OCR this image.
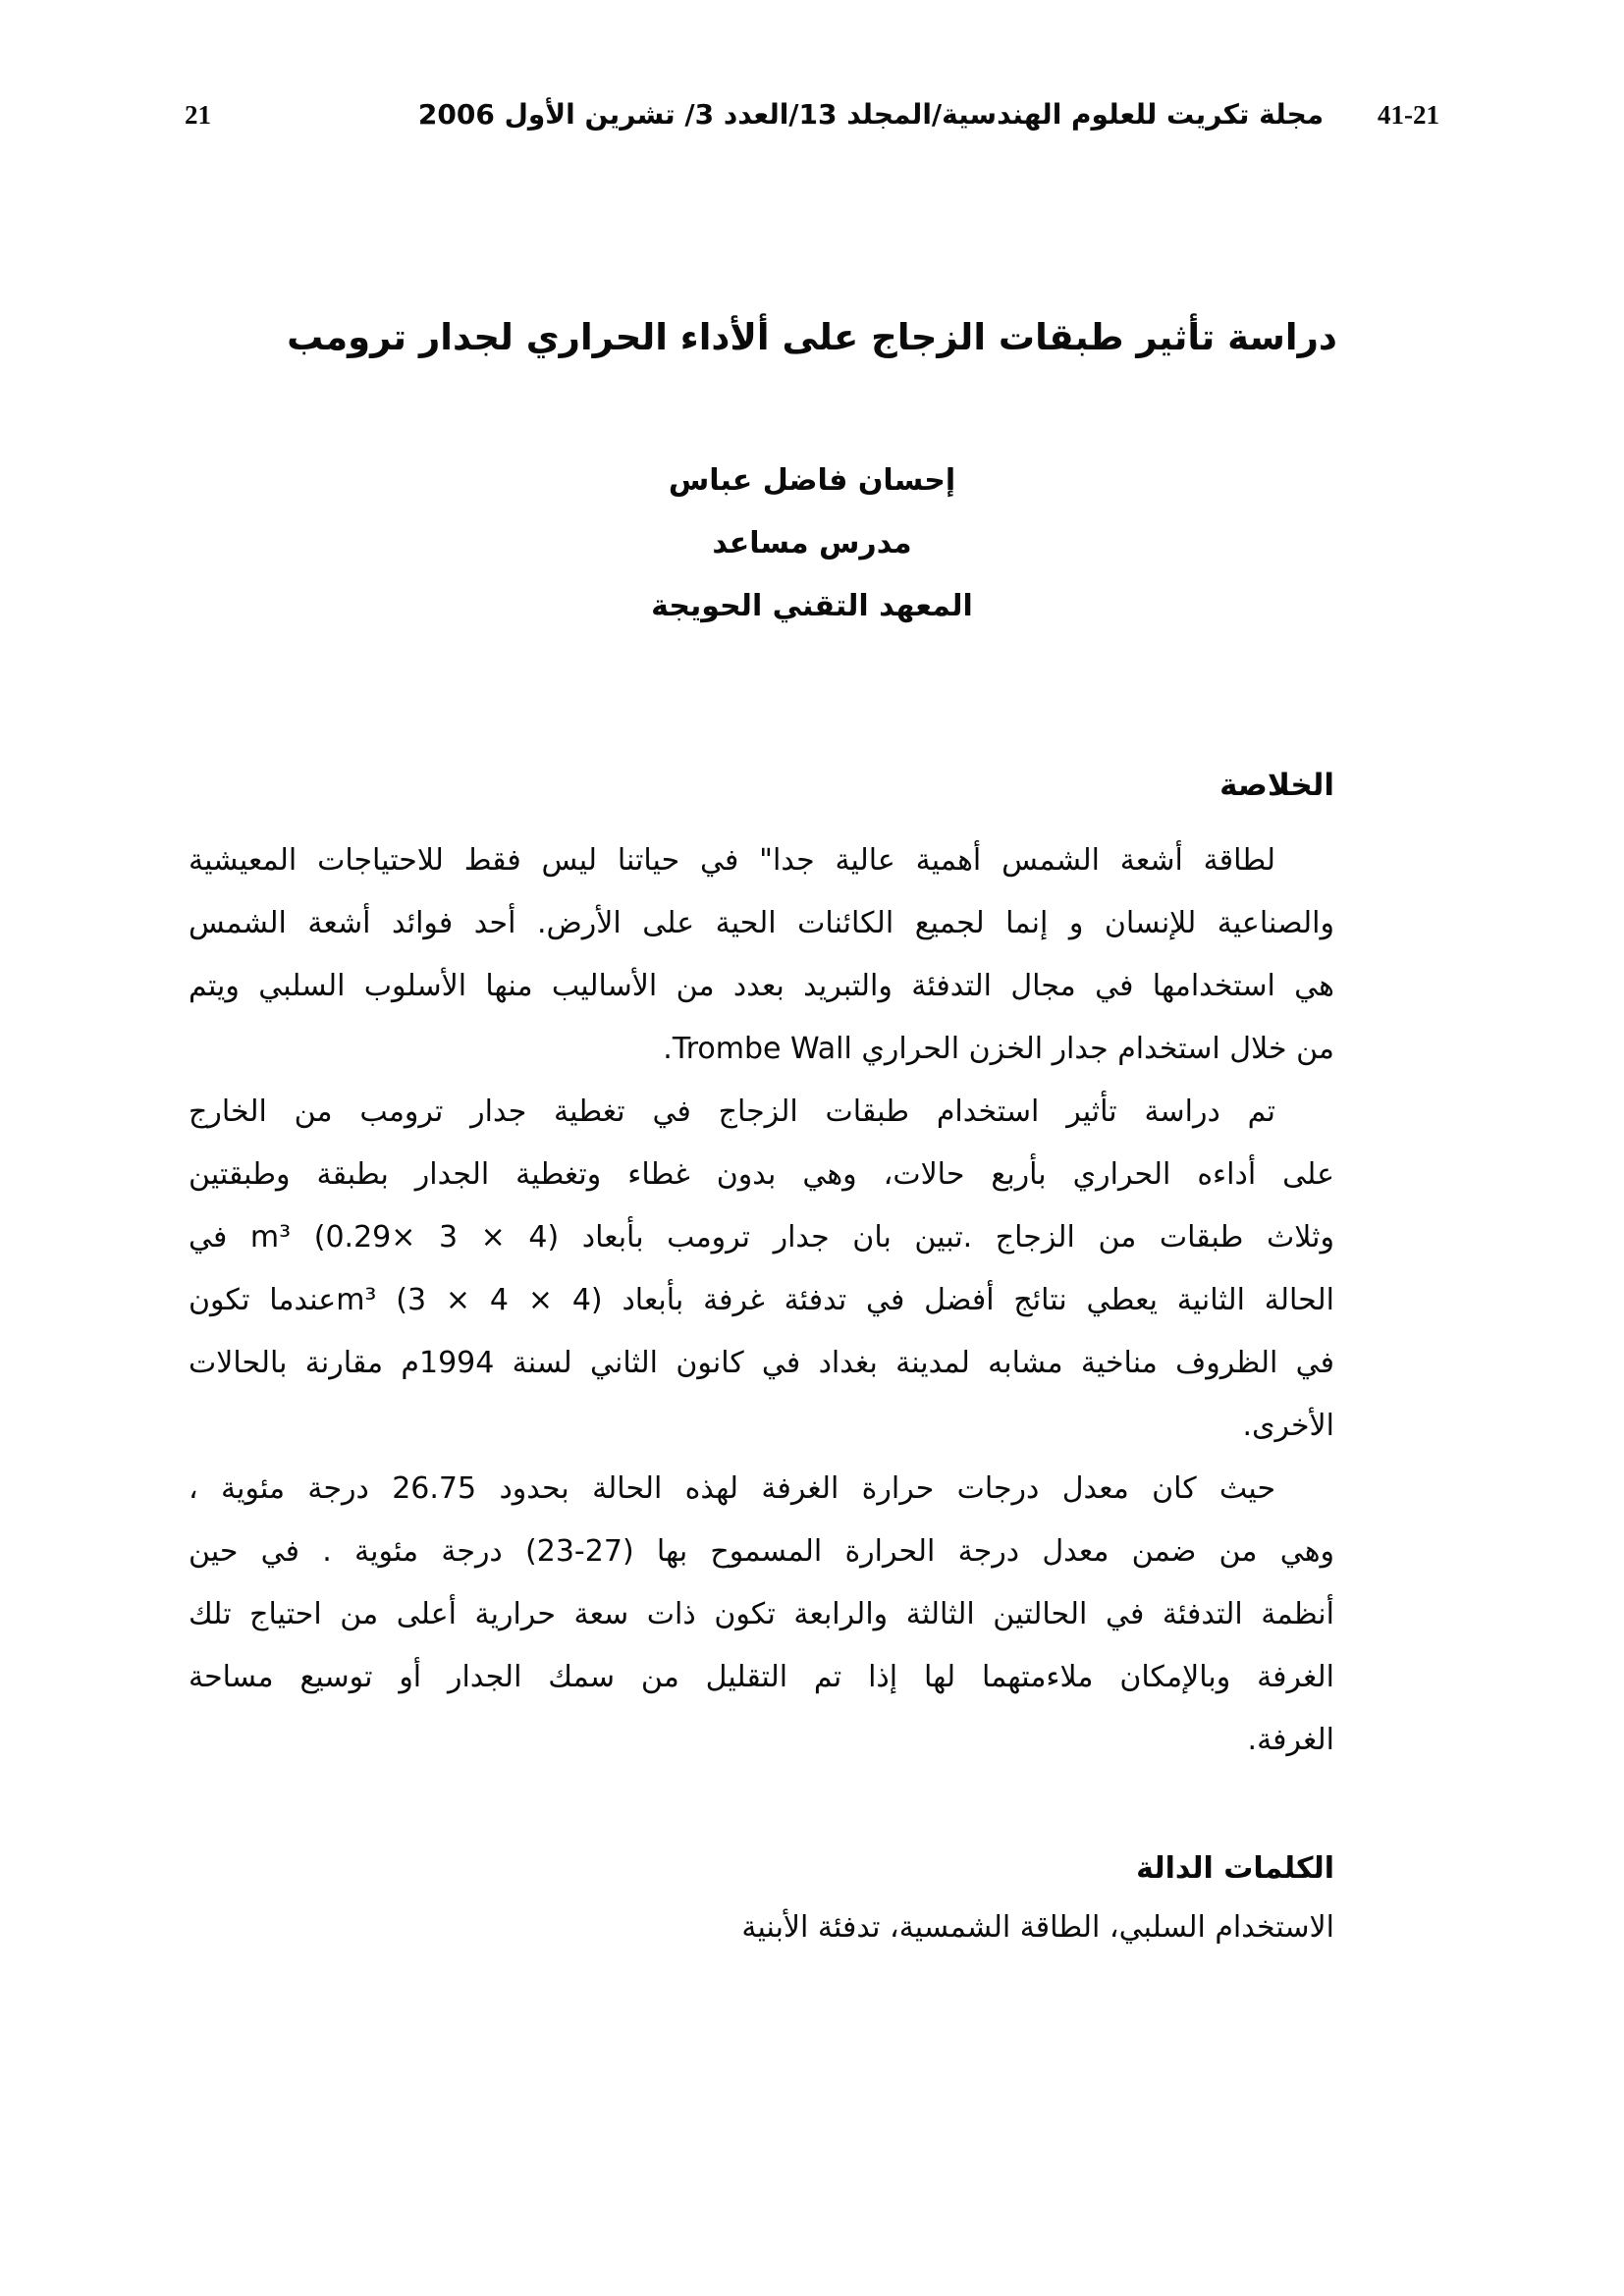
21	مجلة تكريت للعلوم الهندسية/المجلد 13/العدد 3/ تشرين الأول 2006	41-21
دراسة تأثير طبقات الزجاج على ألأداء الحراري لجدار ترومب
إحسان فاضل عباس
مدرس مساعد
المعهد التقني الحويجة
الخلاصة
لطاقة أشعة الشمس أهمية عالية جدا" في حياتنا ليس فقط للاحتياجات المعيشية
والصناعية للإنسان و إنما لجميع الكائنات الحية على الأرض. أحد فوائد أشعة الشمس
هي استخدامها في مجال التدفئة والتبريد بعدد من الأساليب منها الأسلوب السلبي ويتم
من خلال استخدام جدار الخزن الحراري Trombe Wall.
تم دراسة تأثير استخدام طبقات الزجاج في تغطية جدار ترومب من الخارج
على أداءه الحراري بأربع حالات، وهي بدون غطاء وتغطية الجدار بطبقة وطبقتين
وثلاث طبقات من الزجاج .تبين بان جدار ترومب بأبعاد (4 × 3 ×0.29) m³ في
الحالة الثانية يعطي نتائج أفضل في تدفئة غرفة بأبعاد (4 × 4 × 3) m³عندما تكون
في الظروف مناخية مشابه لمدينة بغداد في كانون الثاني لسنة 1994م مقارنة بالحالات
الأخرى.
حيث كان معدل درجات حرارة الغرفة لهذه الحالة بحدود 26.75 درجة مئوية ،
وهي من ضمن معدل درجة الحرارة المسموح بها (27-23) درجة مئوية . في حين
أنظمة التدفئة في الحالتين الثالثة والرابعة تكون ذات سعة حرارية أعلى من احتياج تلك
الغرفة وبالإمكان ملاءمتهما لها إذا تم التقليل من سمك الجدار أو توسيع مساحة
الغرفة.
الكلمات الدالة
الاستخدام السلبي، الطاقة الشمسية، تدفئة الأبنية
